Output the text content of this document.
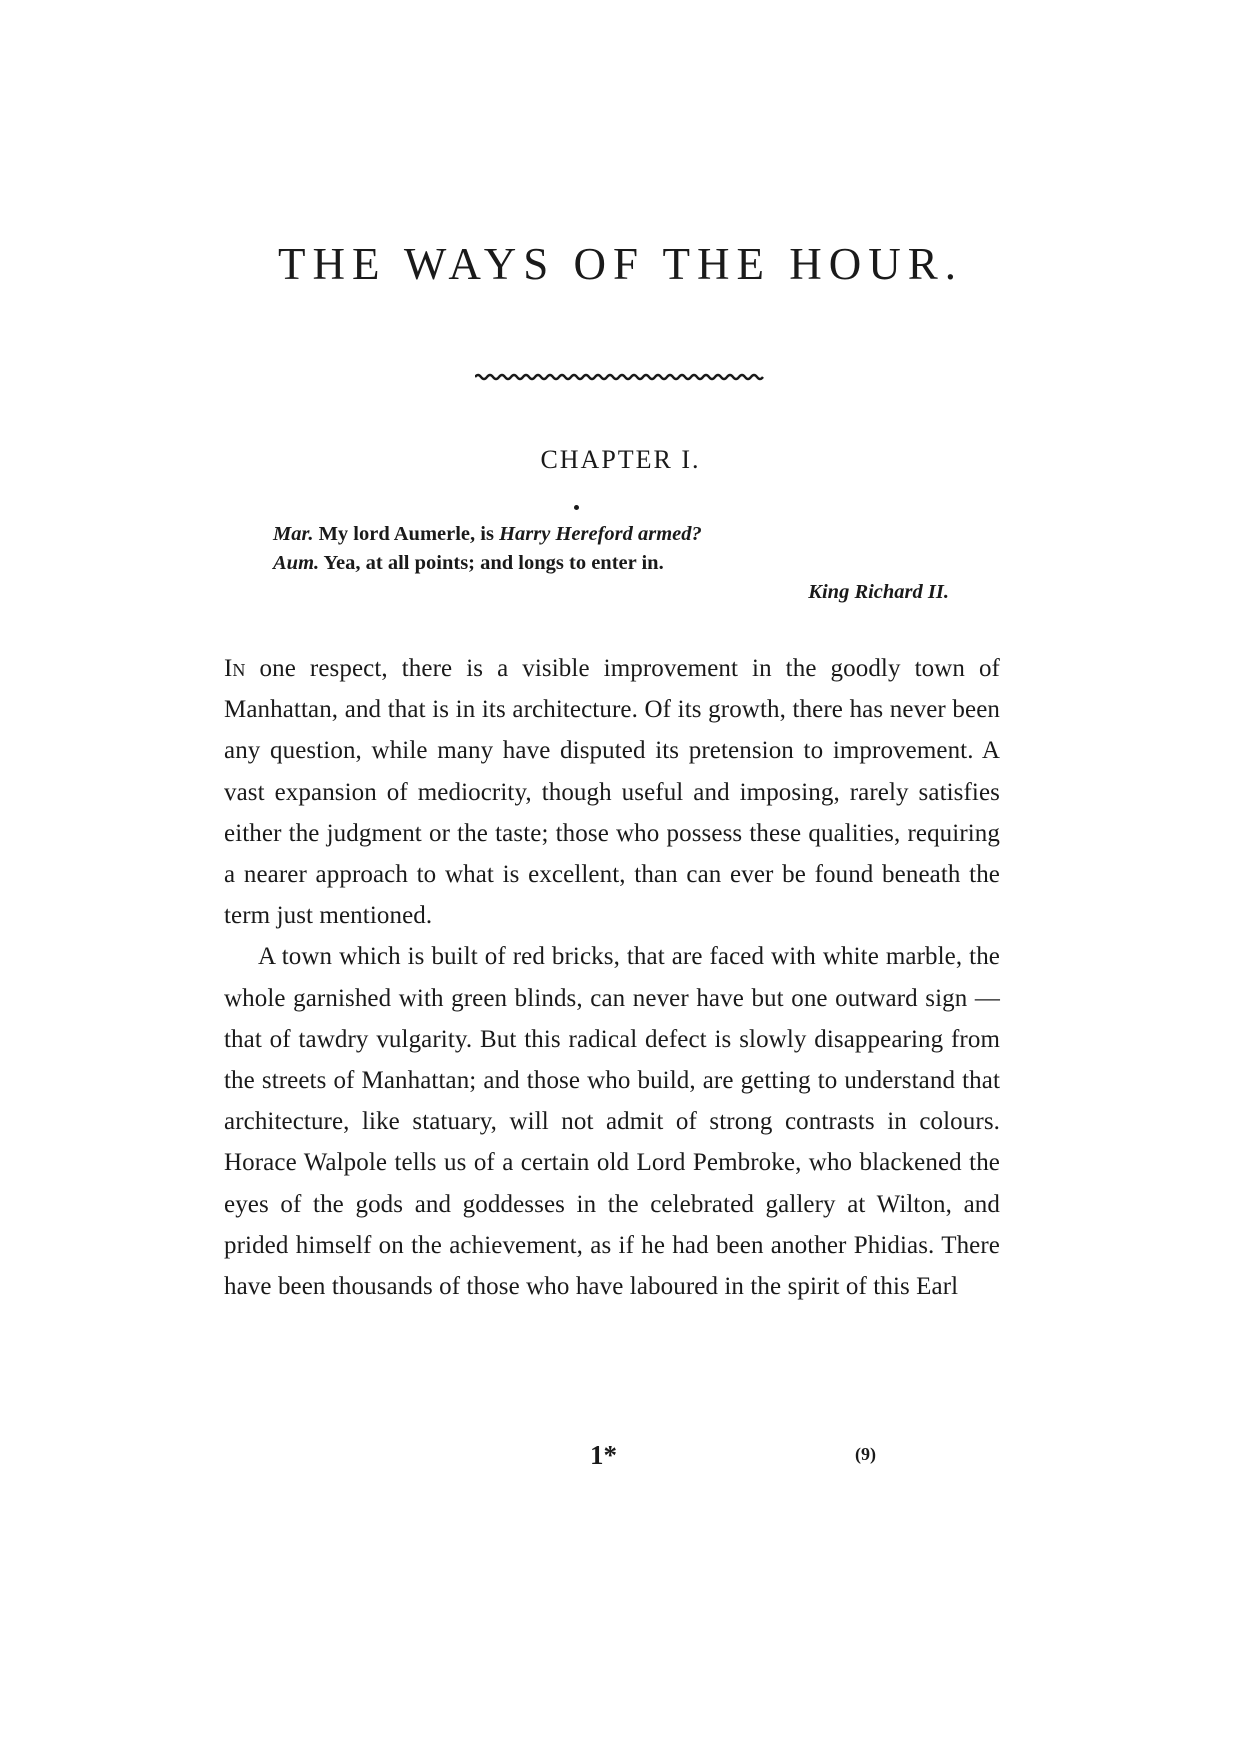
THE WAYS OF THE HOUR.
CHAPTER I.
Mar. My lord Aumerle, is Harry Hereford armed?
Aum. Yea, at all points; and longs to enter in.
King Richard II.

In one respect, there is a visible improvement in the goodly town of Manhattan, and that is in its architecture. Of its growth, there has never been any question, while many have disputed its pretension to improvement. A vast expansion of mediocrity, though useful and imposing, rarely satisfies either the judgment or the taste; those who possess these qualities, requiring a nearer approach to what is excellent, than can ever be found beneath the term just mentioned.

A town which is built of red bricks, that are faced with white marble, the whole garnished with green blinds, can never have but one outward sign — that of tawdry vulgarity. But this radical defect is slowly disappearing from the streets of Manhattan; and those who build, are getting to understand that architecture, like statuary, will not admit of strong contrasts in colours. Horace Walpole tells us of a certain old Lord Pembroke, who blackened the eyes of the gods and goddesses in the celebrated gallery at Wilton, and prided himself on the achievement, as if he had been another Phidias. There have been thousands of those who have laboured in the spirit of this Earl

1*	(9)
